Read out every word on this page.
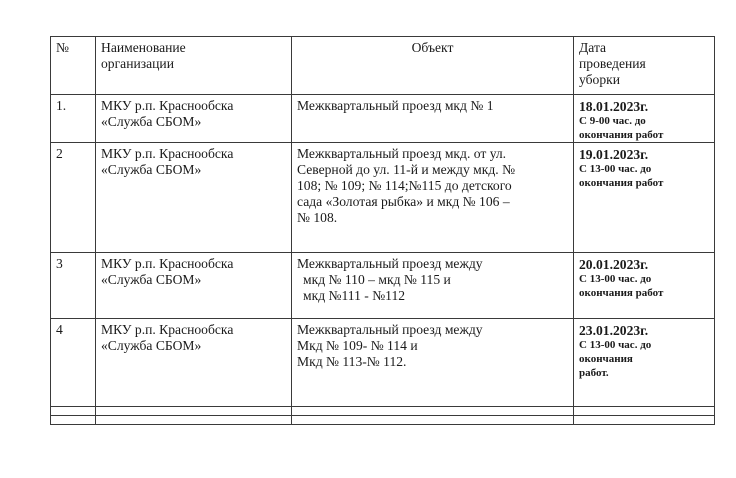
№	Наименование
организации	Объект	Дата
проведения
уборки

1.	МКУ р.п. Краснообска
«Служба СБОМ»	Межквартальный проезд мкд № 1	18.01.2023г.
С 9-00 час. до
окончания работ

2	МКУ р.п. Краснообска
«Служба СБОМ»	Межквартальный проезд мкд. от ул.
Северной до ул. 11-й и между мкд. №
108; № 109; № 114;№115 до детского
сада «Золотая рыбка» и мкд № 106 –
№ 108.	19.01.2023г.
С 13-00 час. до
окончания работ

3	МКУ р.п. Краснообска
«Служба СБОМ»	Межквартальный проезд между
мкд № 110 – мкд № 115 и
мкд №111 - №112	20.01.2023г.
С 13-00 час. до
окончания работ

4	МКУ р.п. Краснообска
«Служба СБОМ»	Межквартальный проезд между
Мкд № 109- № 114 и
Мкд № 113-№ 112.	23.01.2023г.
С 13-00 час. до
окончания
работ.
